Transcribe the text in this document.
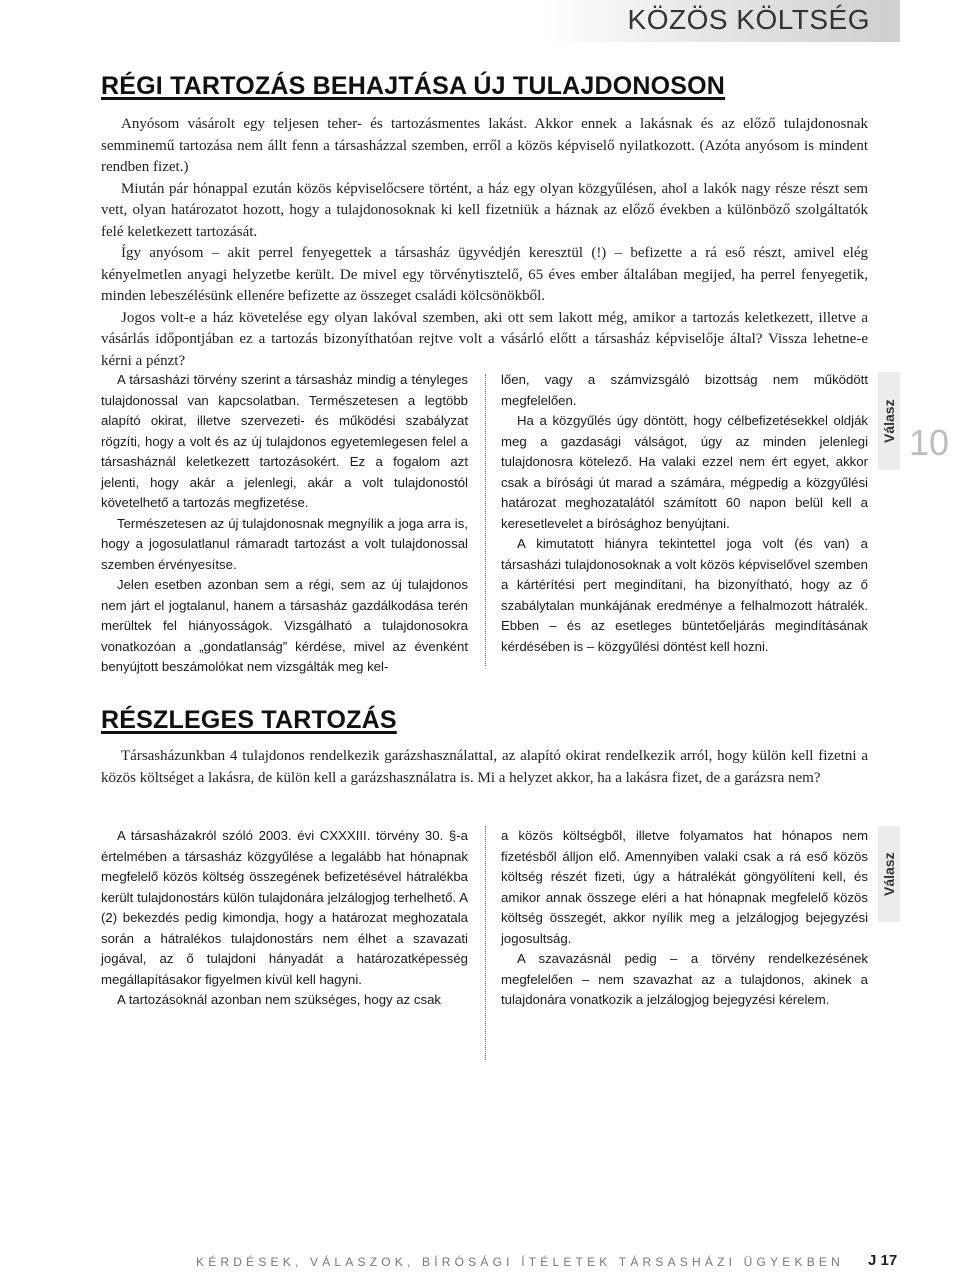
KÖZÖS KÖLTSÉG
RÉGI TARTOZÁS BEHAJTÁSA ÚJ TULAJDONOSON

Anyósom vásárolt egy teljesen teher- és tartozásmentes lakást. Akkor ennek a lakásnak és az előző tulajdonosnak semminemű tartozása nem állt fenn a társasházzal szemben, erről a közös képviselő nyilatkozott. (Azóta anyósom is mindent rendben fizet.)

Miután pár hónappal ezután közös képviselőcsere történt, a ház egy olyan közgyűlésen, ahol a lakók nagy része részt sem vett, olyan határozatot hozott, hogy a tulajdonosoknak ki kell fizetniük a háznak az előző években a különböző szolgáltatók felé keletkezett tartozását.

Így anyósom – akit perrel fenyegettek a társasház ügyvédjén keresztül (!) – befizette a rá eső részt, amivel elég kényelmetlen anyagi helyzetbe került. De mivel egy törvénytisztelő, 65 éves ember általában megijed, ha perrel fenyegetik, minden lebeszélésünk ellenére befizette az összeget családi kölcsönökből.

Jogos volt-e a ház követelése egy olyan lakóval szemben, aki ott sem lakott még, amikor a tartozás keletkezett, illetve a vásárlás időpontjában ez a tartozás bizonyíthatóan rejtve volt a vásárló előtt a társasház képviselője által? Vissza lehetne-e kérni a pénzt?

A társasházi törvény szerint a társasház mindig a tényleges tulajdonossal van kapcsolatban. Természetesen a legtöbb alapító okirat, illetve szervezeti- és működési szabályzat rögzíti, hogy a volt és az új tulajdonos egyetemlegesen felel a társasháznál keletkezett tartozásokért. Ez a fogalom azt jelenti, hogy akár a jelenlegi, akár a volt tulajdonostól követelhető a tartozás megfizetése.

Természetesen az új tulajdonosnak megnyílik a joga arra is, hogy a jogosulatlanul rámaradt tartozást a volt tulajdonossal szemben érvényesítse.

Jelen esetben azonban sem a régi, sem az új tulajdonos nem járt el jogtalanul, hanem a társasház gazdálkodása terén merültek fel hiányosságok. Vizsgálható a tulajdonosokra vonatkozóan a „gondatlanság” kérdése, mivel az évenként benyújtott beszámolókat nem vizsgálták meg kel-

lően, vagy a számvizsgáló bizottság nem működött megfelelően.

Ha a közgyűlés úgy döntött, hogy célbefizetésekkel oldják meg a gazdasági válságot, úgy az minden jelenlegi tulajdonosra kötelező. Ha valaki ezzel nem ért egyet, akkor csak a bírósági út marad a számára, mégpedig a közgyűlési határozat meghozatalától számított 60 napon belül kell a keresetlevelet a bírósághoz benyújtani.

A kimutatott hiányra tekintettel joga volt (és van) a társasházi tulajdonosoknak a volt közös képviselővel szemben a kártérítési pert megindítani, ha bizonyítható, hogy az ő szabálytalan munkájának eredménye a felhalmozott hátralék. Ebben – és az esetleges büntetőeljárás megindításának kérdésében is – közgyűlési döntést kell hozni.

Válasz 10
RÉSZLEGES TARTOZÁS

Társasházunkban 4 tulajdonos rendelkezik garázshasználattal, az alapító okirat rendelkezik arról, hogy külön kell fizetni a közös költséget a lakásra, de külön kell a garázshasználatra is. Mi a helyzet akkor, ha a lakásra fizet, de a garázsra nem?

A társasházakról szóló 2003. évi CXXXIII. törvény 30. §-a értelmében a társasház közgyűlése a legalább hat hónapnak megfelelő közös költség összegének befizetésével hátralékba került tulajdonostárs külön tulajdonára jelzálogjog terhelhető. A (2) bekezdés pedig kimondja, hogy a határozat meghozatala során a hátralékos tulajdonostárs nem élhet a szavazati jogával, az ő tulajdoni hányadát a határozatképesség megállapításakor figyelmen kívül kell hagyni.

A tartozásoknál azonban nem szükséges, hogy az csak

a közös költségből, illetve folyamatos hat hónapos nem fizetésből álljon elő. Amennyiben valaki csak a rá eső közös költség részét fizeti, úgy a hátralékát göngyölíteni kell, és amikor annak összege eléri a hat hónapnak megfelelő közös költség összegét, akkor nyílik meg a jelzálogjog bejegyzési jogosultság.

A szavazásnál pedig – a törvény rendelkezésének megfelelően – nem szavazhat az a tulajdonos, akinek a tulajdonára vonatkozik a jelzálogjog bejegyzési kérelem.

Válasz
KÉRDÉSEK, VÁLASZOK, BÍRÓSÁGI ÍTÉLETEK TÁRSASHÁZI ÜGYEKBEN J 17
